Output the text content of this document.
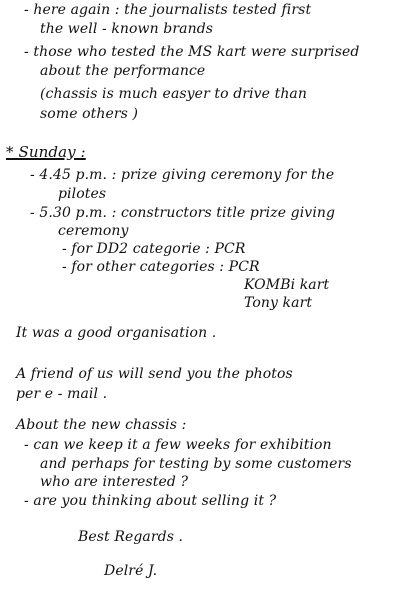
- here again : the journalists tested first
the well - known brands
- those who tested the MS kart were surprised
about the performance
(chassis is much easyer to drive than
some others )
* Sunday :
- 4.45 p.m. : prize giving ceremony for the
pilotes
- 5.30 p.m. : constructors title prize giving
ceremony
- for DD2 categorie : PCR
- for other categories : PCR
KOMBi kart
Tony kart
It was a good organisation .
A friend of us will send you the photos
per e - mail .
About the new chassis :
- can we keep it a few weeks for exhibition
and perhaps for testing by some customers
who are interested ?
- are you thinking about selling it ?
Best Regards .
Delré J.
